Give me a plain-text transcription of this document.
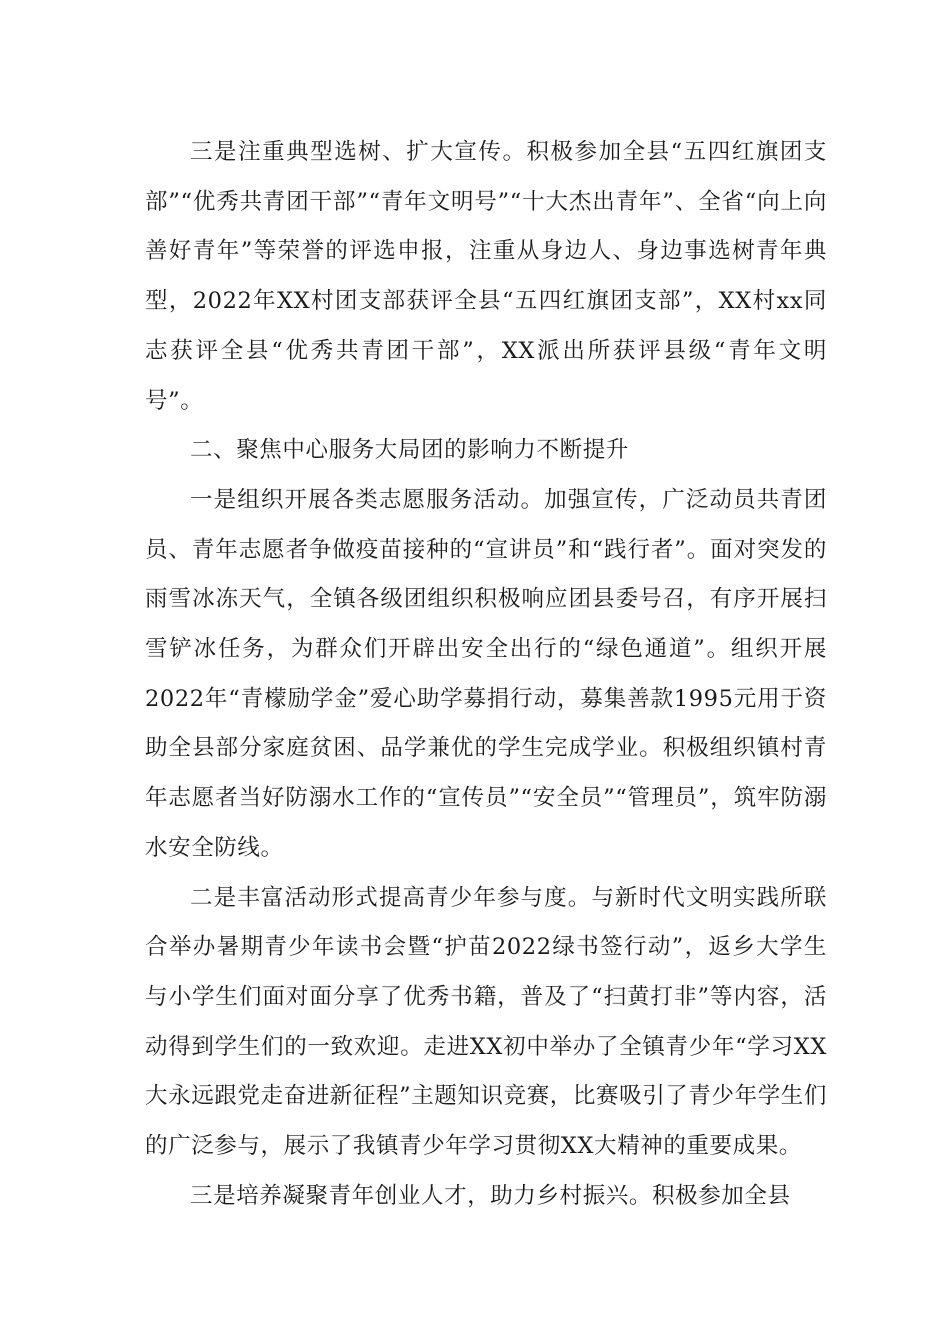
三是注重典型选树、扩大宣传。积极参加全县“五四红旗团支部”“优秀共青团干部”“青年文明号”“十大杰出青年”、全省“向上向善好青年”等荣誉的评选申报，注重从身边人、身边事选树青年典型，2022年XX村团支部获评全县“五四红旗团支部”，XX村xx同志获评全县“优秀共青团干部”，XX派出所获评县级“青年文明号”。

二、聚焦中心服务大局团的影响力不断提升

一是组织开展各类志愿服务活动。加强宣传，广泛动员共青团员、青年志愿者争做疫苗接种的“宣讲员”和“践行者”。面对突发的雨雪冰冻天气，全镇各级团组织积极响应团县委号召，有序开展扫雪铲冰任务，为群众们开辟出安全出行的“绿色通道”。组织开展2022年“青檬励学金”爱心助学募捐行动，募集善款1995元用于资助全县部分家庭贫困、品学兼优的学生完成学业。积极组织镇村青年志愿者当好防溺水工作的“宣传员”“安全员”“管理员”，筑牢防溺水安全防线。

二是丰富活动形式提高青少年参与度。与新时代文明实践所联合举办暑期青少年读书会暨“护苗2022绿书签行动”，返乡大学生与小学生们面对面分享了优秀书籍，普及了“扫黄打非”等内容，活动得到学生们的一致欢迎。走进XX初中举办了全镇青少年“学习XX大永远跟党走奋进新征程”主题知识竞赛，比赛吸引了青少年学生们的广泛参与，展示了我镇青少年学习贯彻XX大精神的重要成果。

三是培养凝聚青年创业人才，助力乡村振兴。积极参加全县
